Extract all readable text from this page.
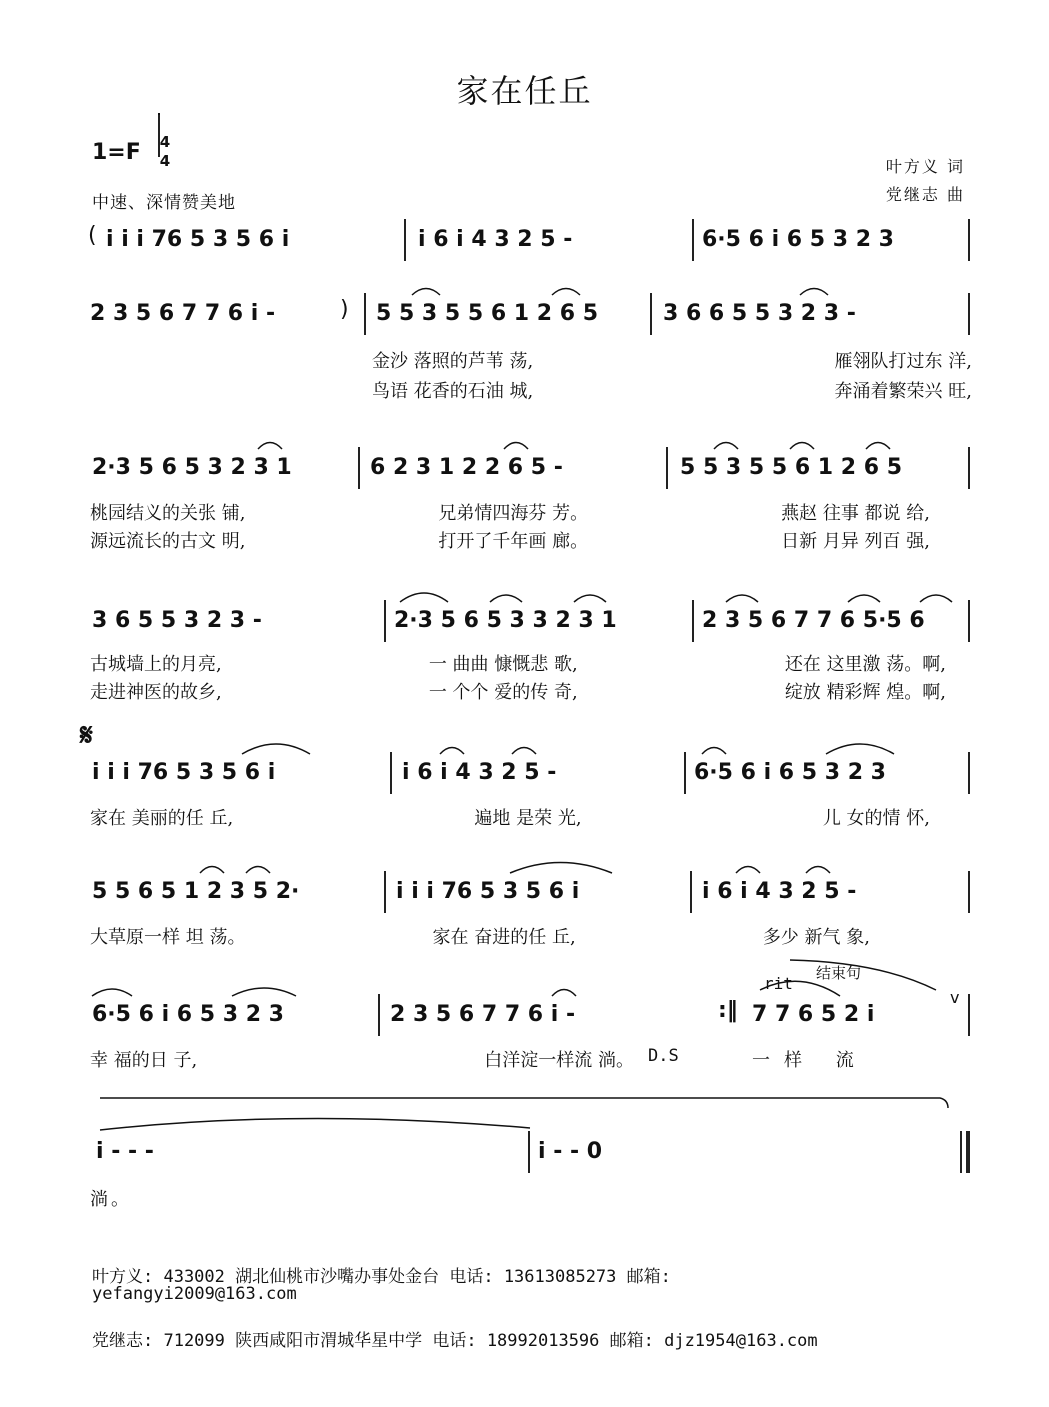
家在任丘
1=F 4
4	叶方义 词
党继志 曲
中速、深情赞美地
𝄋
( i i i 76 5 3 5 6 i	i 6 i 4 3 2 5 -	6·5 6 i 6 5 3 2 3
2 3 5 6 7 7 6 i -	) 5 5 3 5 5 6 1 2 6 5	3 6 6 5 5 3 2 3 -
金沙 落照的芦苇 荡,	雁翎队打过东 洋,
鸟语 花香的石油 城,	奔涌着繁荣兴 旺,
2·3 5 6 5 3 2 3 1	6 2 3 1 2 2 6 5 -	5 5 3 5 5 6 1 2 6 5
桃园结义的关张 铺,	兄弟情四海芬 芳。	燕赵 往事 都说 给,
源远流长的古文 明,	打开了千年画 廊。	日新 月异 列百 强,
3 6 5 5 3 2 3 -	2·3 5 6 5 3 3 2 3 1	2 3 5 6 7 7 6 5·5 6
古城墙上的月亮,	一 曲曲 慷慨悲 歌,	还在 这里激 荡。啊,
走进神医的故乡,	一 个个 爱的传 奇,	绽放 精彩辉 煌。啊,
i i i 76 5 3 5 6 i	i 6 i 4 3 2 5 -	6·5 6 i 6 5 3 2 3
家在 美丽的任 丘,	遍地 是荣 光,	儿 女的情 怀,
5 5 6 5 1 2 3 5 2·	i i i 76 5 3 5 6 i	i 6 i 4 3 2 5 -
大草原一样 坦 荡。	家在 奋进的任 丘,	多少 新气 象,
6·5 6 i 6 5 3 2 3	2 3 5 6 7 7 6 i -	:‖ 7 7 6 5 2 i
v
rit
结束句
幸 福的日 子,	白洋淀一样流 淌。	一样 流
D.S
i - - -	i - - 0
淌。
叶方义: 433002 湖北仙桃市沙嘴办事处金台 电话: 13613085273 邮箱:
yefangyi2009@163.com
党继志: 712099 陕西咸阳市渭城华星中学 电话: 18992013596 邮箱: djz1954@163.com
